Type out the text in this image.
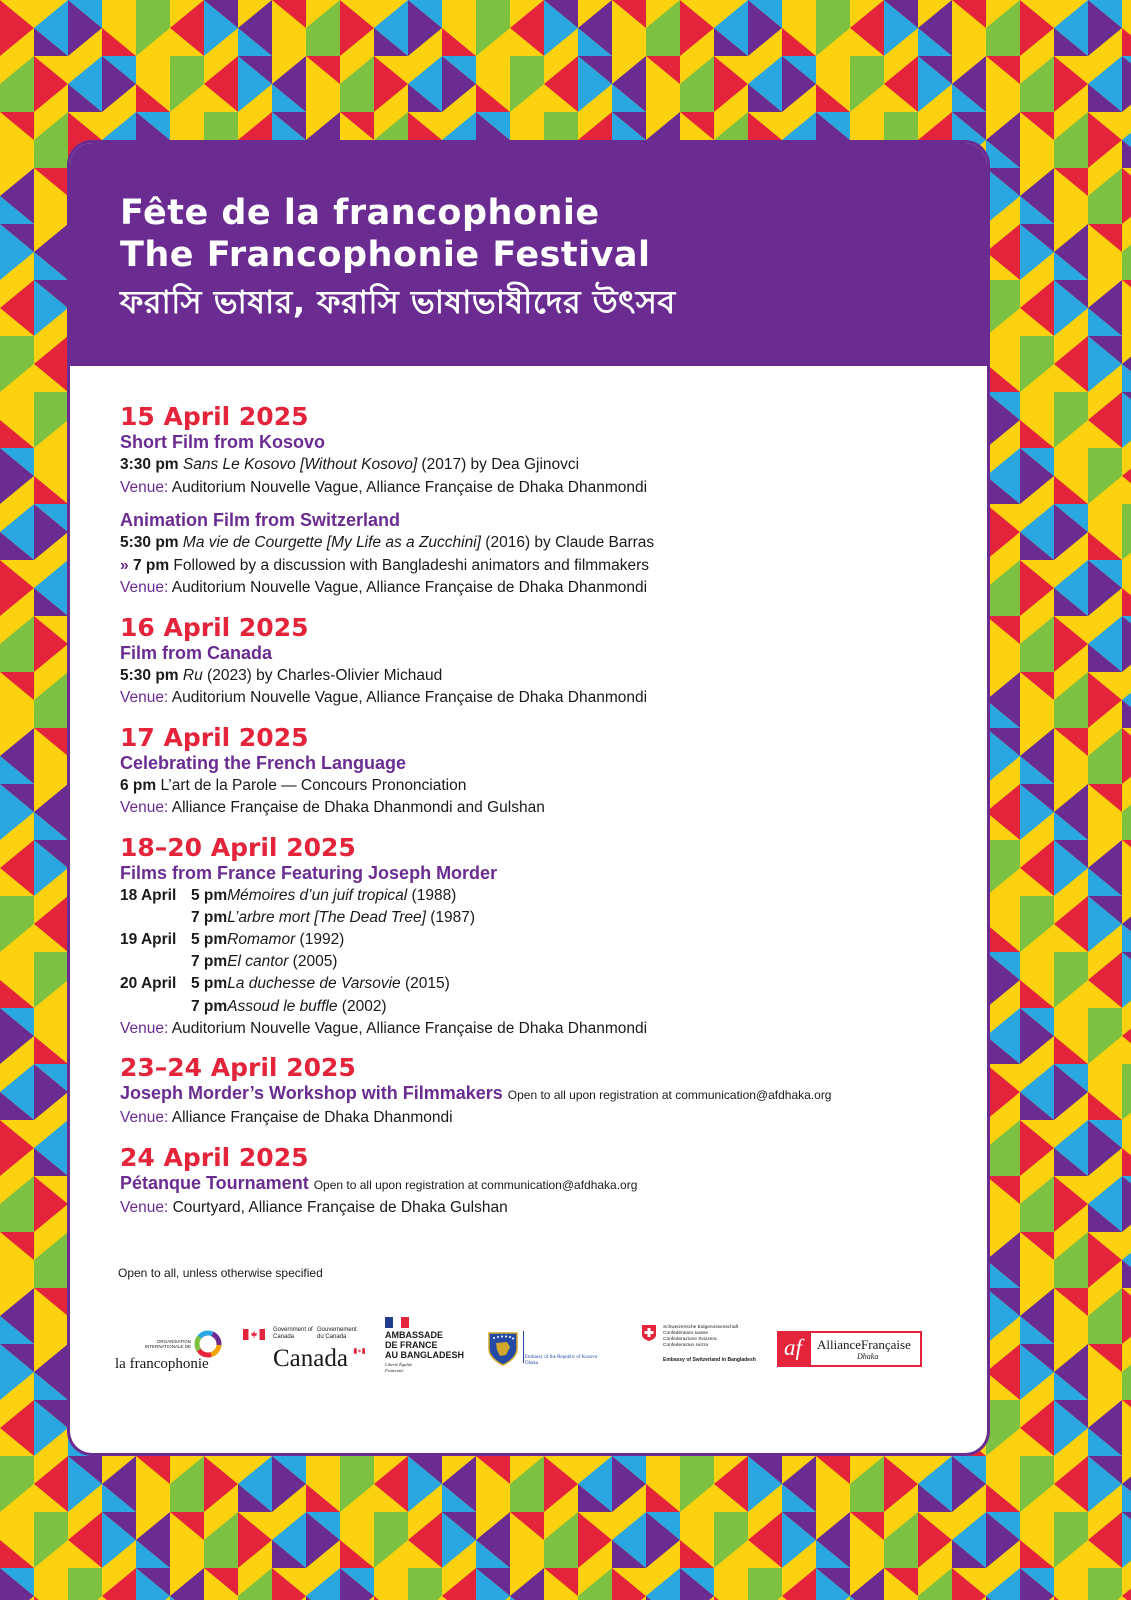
Fête de la francophonie
The Francophonie Festival
ফরাসি ভাষার, ফরাসি ভাষাভাষীদের উৎসব
15 April 2025
Short Film from Kosovo
3:30 pm Sans Le Kosovo [Without Kosovo] (2017) by Dea Gjinovci
Venue: Auditorium Nouvelle Vague, Alliance Française de Dhaka Dhanmondi
Animation Film from Switzerland
5:30 pm Ma vie de Courgette [My Life as a Zucchini] (2016) by Claude Barras
» 7 pm Followed by a discussion with Bangladeshi animators and filmmakers
Venue: Auditorium Nouvelle Vague, Alliance Française de Dhaka Dhanmondi
16 April 2025
Film from Canada
5:30 pm Ru (2023) by Charles-Olivier Michaud
Venue: Auditorium Nouvelle Vague, Alliance Française de Dhaka Dhanmondi
17 April 2025
Celebrating the French Language
6 pm L’art de la Parole — Concours Prononciation
Venue: Alliance Française de Dhaka Dhanmondi and Gulshan
18–20 April 2025
Films from France Featuring Joseph Morder
18 April	5 pm	Mémoires d’un juif tropical (1988)
	7 pm	L’arbre mort [The Dead Tree] (1987)
19 April	5 pm	Romamor (1992)
	7 pm	El cantor (2005)
20 April	5 pm	La duchesse de Varsovie (2015)
	7 pm	Assoud le buffle (2002)
Venue: Auditorium Nouvelle Vague, Alliance Française de Dhaka Dhanmondi
23–24 April 2025
Joseph Morder’s Workshop with Filmmakers Open to all upon registration at communication@afdhaka.org
Venue: Alliance Française de Dhaka Dhanmondi
24 April 2025
Pétanque Tournament Open to all upon registration at communication@afdhaka.org
Venue: Courtyard, Alliance Française de Dhaka Gulshan
Open to all, unless otherwise specified
ORGANISATION INTERNATIONALE DE
la francophonie
Government of Canada
Gouvernement du Canada
Canada
AMBASSADE
DE FRANCE
AU BANGLADESH
Liberté Égalité Fraternité
Embassy of the Republic of Kosovo
Dhaka
Schweizerische Eidgenossenschaft
Confédération suisse
Confederazione Svizzera
Confederaziun svizra
Embassy of Switzerland in Bangladesh af AllianceFrançaise
Dhaka
